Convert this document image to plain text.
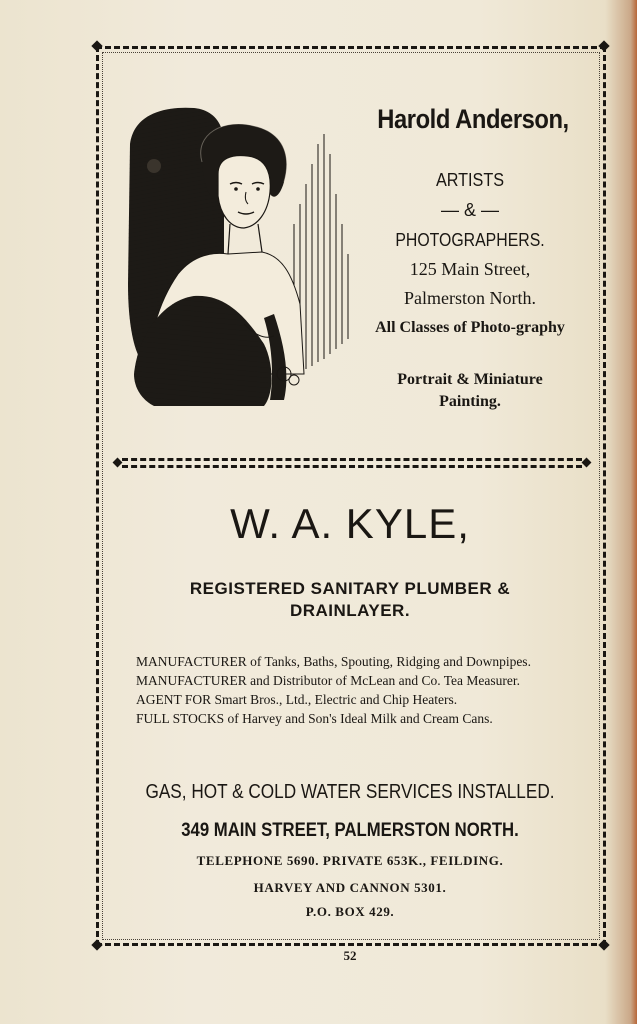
Harold Anderson,
ARTISTS
— & —
PHOTOGRAPHERS.
125 Main Street,
Palmerston North.
All Classes of Photo-graphy
Portrait & Miniature Painting.
W. A. KYLE,
REGISTERED SANITARY PLUMBER & DRAINLAYER.

MANUFACTURER of Tanks, Baths, Spouting, Ridging and Downpipes.

MANUFACTURER and Distributor of McLean and Co. Tea Measurer.

AGENT FOR Smart Bros., Ltd., Electric and Chip Heaters.

FULL STOCKS of Harvey and Son's Ideal Milk and Cream Cans.

GAS, HOT & COLD WATER SERVICES INSTALLED.
349 MAIN STREET, PALMERSTON NORTH.
TELEPHONE 5690. PRIVATE 653K., FEILDING.
HARVEY AND CANNON 5301.
P.O. BOX 429.
52
